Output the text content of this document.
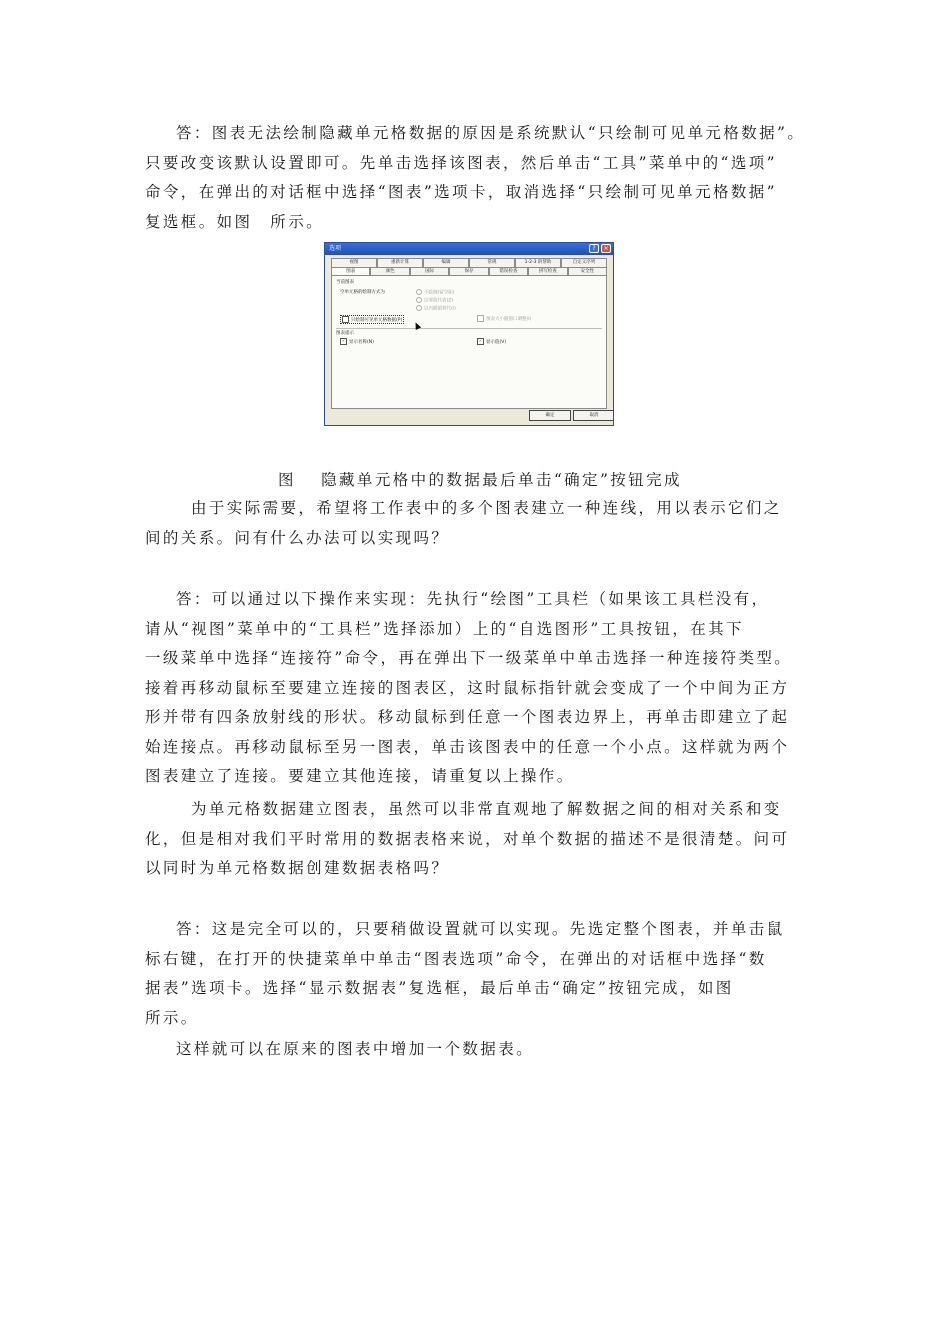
答：图表无法绘制隐藏单元格数据的原因是系统默认“只绘制可见单元格数据”。
只要改变该默认设置即可。先单击选择该图表，然后单击“工具”菜单中的“选项”
命令，在弹出的对话框中选择“图表”选项卡，取消选择“只绘制可见单元格数据”
复选框。如图　所示。
选项	?	×
视图	重新计算	编辑	常规	1-2-3 的帮助	自定义序列
图表	颜色	国际	保存	错误检查	拼写检查	安全性
当前图表
空单元格的绘制方式为	不绘制(留空距)
以零值代表(Z)
以内插值替代(I)
只绘制可见单元格数据(P)	图表大小随窗口调整(I)
图表提示
✓ 显示名称(N)	✓ 显示值(V)
确定	取消
图　 隐藏单元格中的数据最后单击“确定”按钮完成
由于实际需要，希望将工作表中的多个图表建立一种连线，用以表示它们之
间的关系。问有什么办法可以实现吗？
答：可以通过以下操作来实现：先执行“绘图”工具栏（如果该工具栏没有，
请从“视图”菜单中的“工具栏”选择添加）上的“自选图形”工具按钮，在其下
一级菜单中选择“连接符”命令，再在弹出下一级菜单中单击选择一种连接符类型。
接着再移动鼠标至要建立连接的图表区，这时鼠标指针就会变成了一个中间为正方
形并带有四条放射线的形状。移动鼠标到任意一个图表边界上，再单击即建立了起
始连接点。再移动鼠标至另一图表，单击该图表中的任意一个小点。这样就为两个
图表建立了连接。要建立其他连接，请重复以上操作。
为单元格数据建立图表，虽然可以非常直观地了解数据之间的相对关系和变
化，但是相对我们平时常用的数据表格来说，对单个数据的描述不是很清楚。问可
以同时为单元格数据创建数据表格吗？
答：这是完全可以的，只要稍做设置就可以实现。先选定整个图表，并单击鼠
标右键，在打开的快捷菜单中单击“图表选项”命令，在弹出的对话框中选择“数
据表”选项卡。选择“显示数据表”复选框，最后单击“确定”按钮完成，如图
所示。
这样就可以在原来的图表中增加一个数据表。
